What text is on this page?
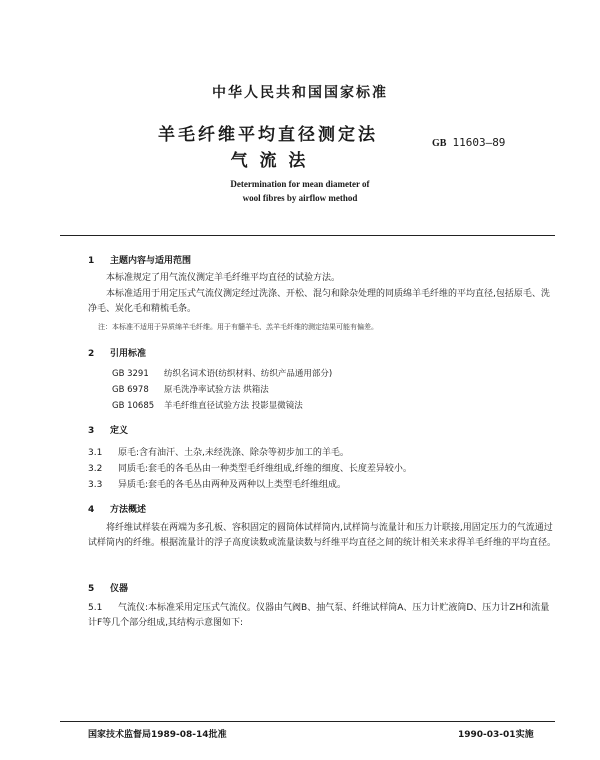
中华人民共和国国家标准

羊毛纤维平均直径测定法

气 流 法

GB 11603—89

Determination for mean diameter of

wool fibres by airflow method

1 主题内容与适用范围

本标准规定了用气流仪测定羊毛纤维平均直径的试验方法。

本标准适用于用定压式气流仪测定经过洗涤、开松、混匀和除杂处理的同质绵羊毛纤维的平均直径,包括原毛、洗净毛、炭化毛和精梳毛条。

注：本标准不适用于异质绵羊毛纤维。用于有髓羊毛、羔羊毛纤维的测定结果可能有偏差。

2 引用标准

GB 3291 纺织名词术语(纺织材料、纺织产品通用部分)

GB 6978 原毛洗净率试验方法 烘箱法

GB 10685 羊毛纤维直径试验方法 投影显微镜法

3 定义

3.1 原毛:含有油汗、土杂,未经洗涤、除杂等初步加工的羊毛。

3.2 同质毛:套毛的各毛丛由一种类型毛纤维组成,纤维的细度、长度差异较小。

3.3 异质毛:套毛的各毛丛由两种及两种以上类型毛纤维组成。

4 方法概述

将纤维试样装在两端为多孔板、容积固定的圆筒体试样筒内,试样筒与流量计和压力计联接,用固定压力的气流通过试样筒内的纤维。根据流量计的浮子高度读数或流量读数与纤维平均直径之间的统计相关来求得羊毛纤维的平均直径。

5 仪器

5.1 气流仪:本标准采用定压式气流仪。仪器由气阀B、抽气泵、纤维试样筒A、压力计贮液筒D、压力计ZH和流量计F等几个部分组成,其结构示意图如下:

国家技术监督局1989-08-14批准	1990-03-01实施
